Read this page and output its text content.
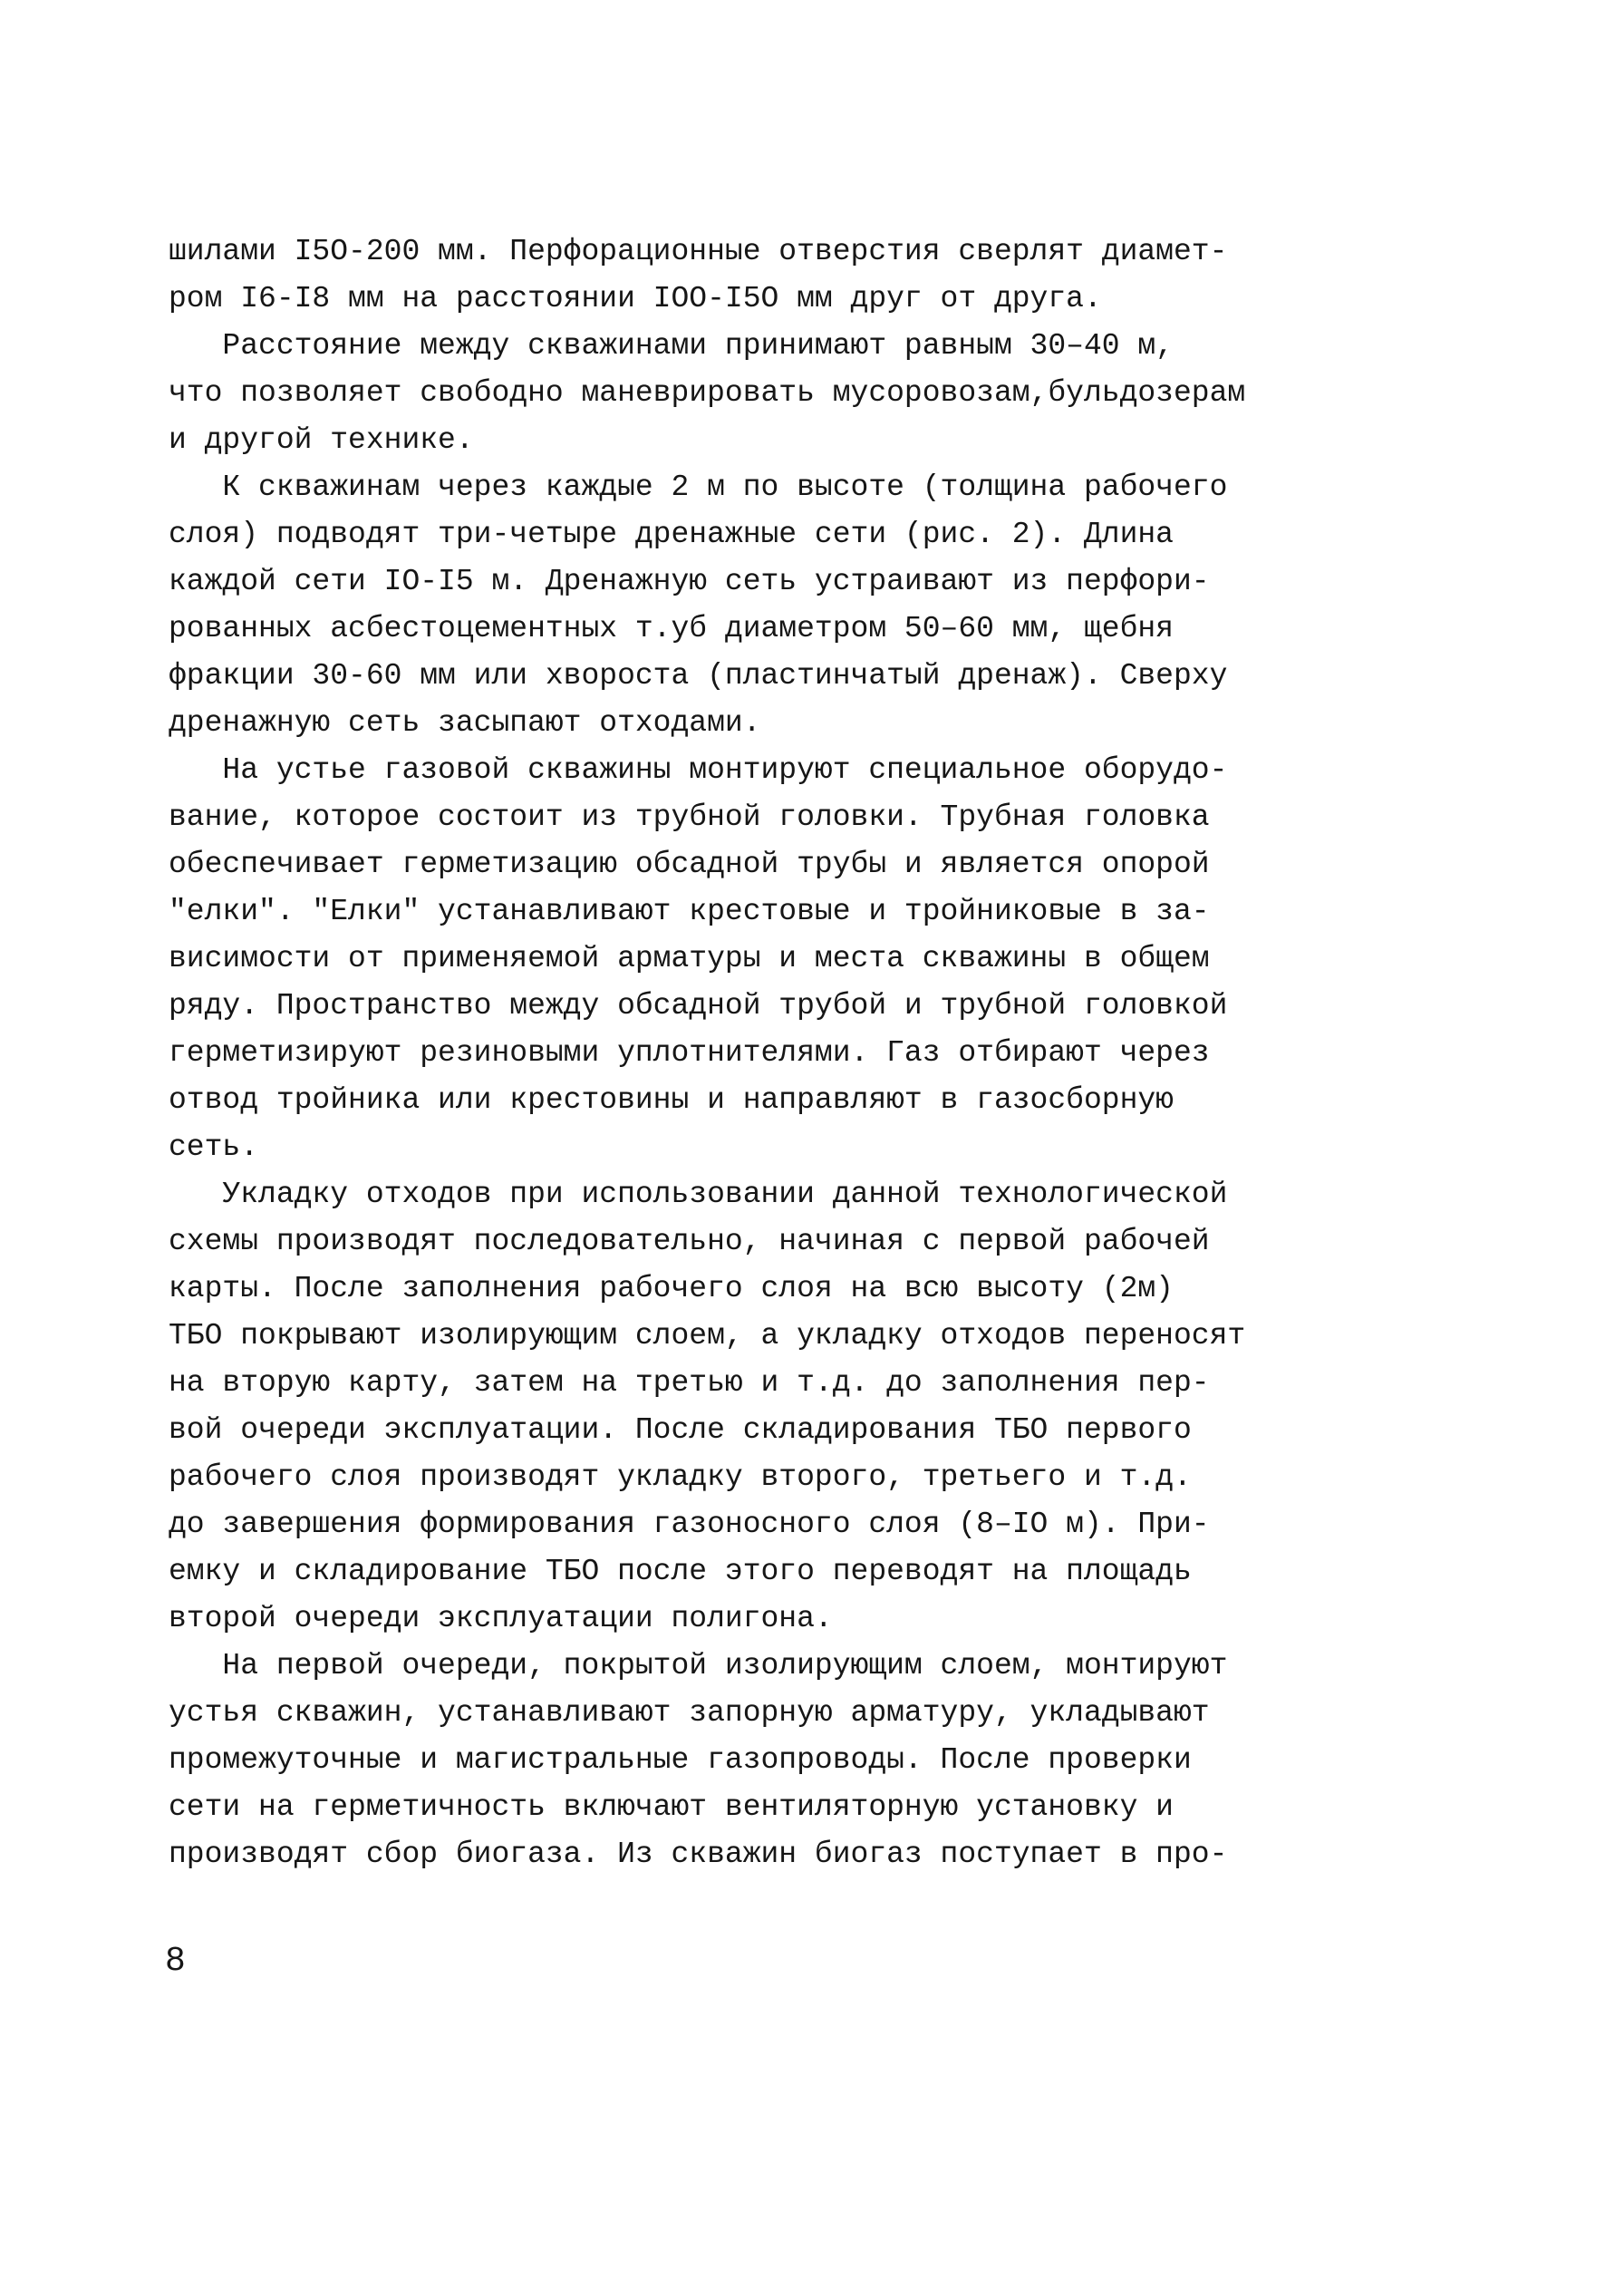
шилами I5О-200 мм. Перфорационные отверстия сверлят диамет-
ром I6-I8 мм на расстоянии IОО-I5О мм друг от друга.
Расстояние между скважинами принимают равным 30–40 м,
что позволяет свободно маневрировать мусоровозам,бульдозерам
и другой технике.
К скважинам через каждые 2 м по высоте (толщина рабочего
слоя) подводят три-четыре дренажные сети (рис. 2). Длина
каждой сети IО-I5 м. Дренажную сеть устраивают из перфори-
рованных асбестоцементных т.уб диаметром 50–60 мм, щебня
фракции 30-60 мм или хвороста (пластинчатый дренаж). Сверху
дренажную сеть засыпают отходами.
На устье газовой скважины монтируют специальное оборудо-
вание, которое состоит из трубной головки. Трубная головка
обеспечивает герметизацию обсадной трубы и является опорой
"елки". "Елки" устанавливают крестовые и тройниковые в за-
висимости от применяемой арматуры и места скважины в общем
ряду. Пространство между обсадной трубой и трубной головкой
герметизируют резиновыми уплотнителями. Газ отбирают через
отвод тройника или крестовины и направляют в газосборную
сеть.
Укладку отходов при использовании данной технологической
схемы производят последовательно, начиная с первой рабочей
карты. После заполнения рабочего слоя на всю высоту (2м)
ТБО покрывают изолирующим слоем, а укладку отходов переносят
на вторую карту, затем на третью и т.д. до заполнения пер-
вой очереди эксплуатации. После складирования ТБО первого
рабочего слоя производят укладку второго, третьего и т.д.
до завершения формирования газоносного слоя (8–IО м). При-
емку и складирование ТБО после этого переводят на площадь
второй очереди эксплуатации полигона.
На первой очереди, покрытой изолирующим слоем, монтируют
устья скважин, устанавливают запорную арматуру, укладывают
промежуточные и магистральные газопроводы. После проверки
сети на герметичность включают вентиляторную установку и
производят сбор биогаза. Из скважин биогаз поступает в про-
8
